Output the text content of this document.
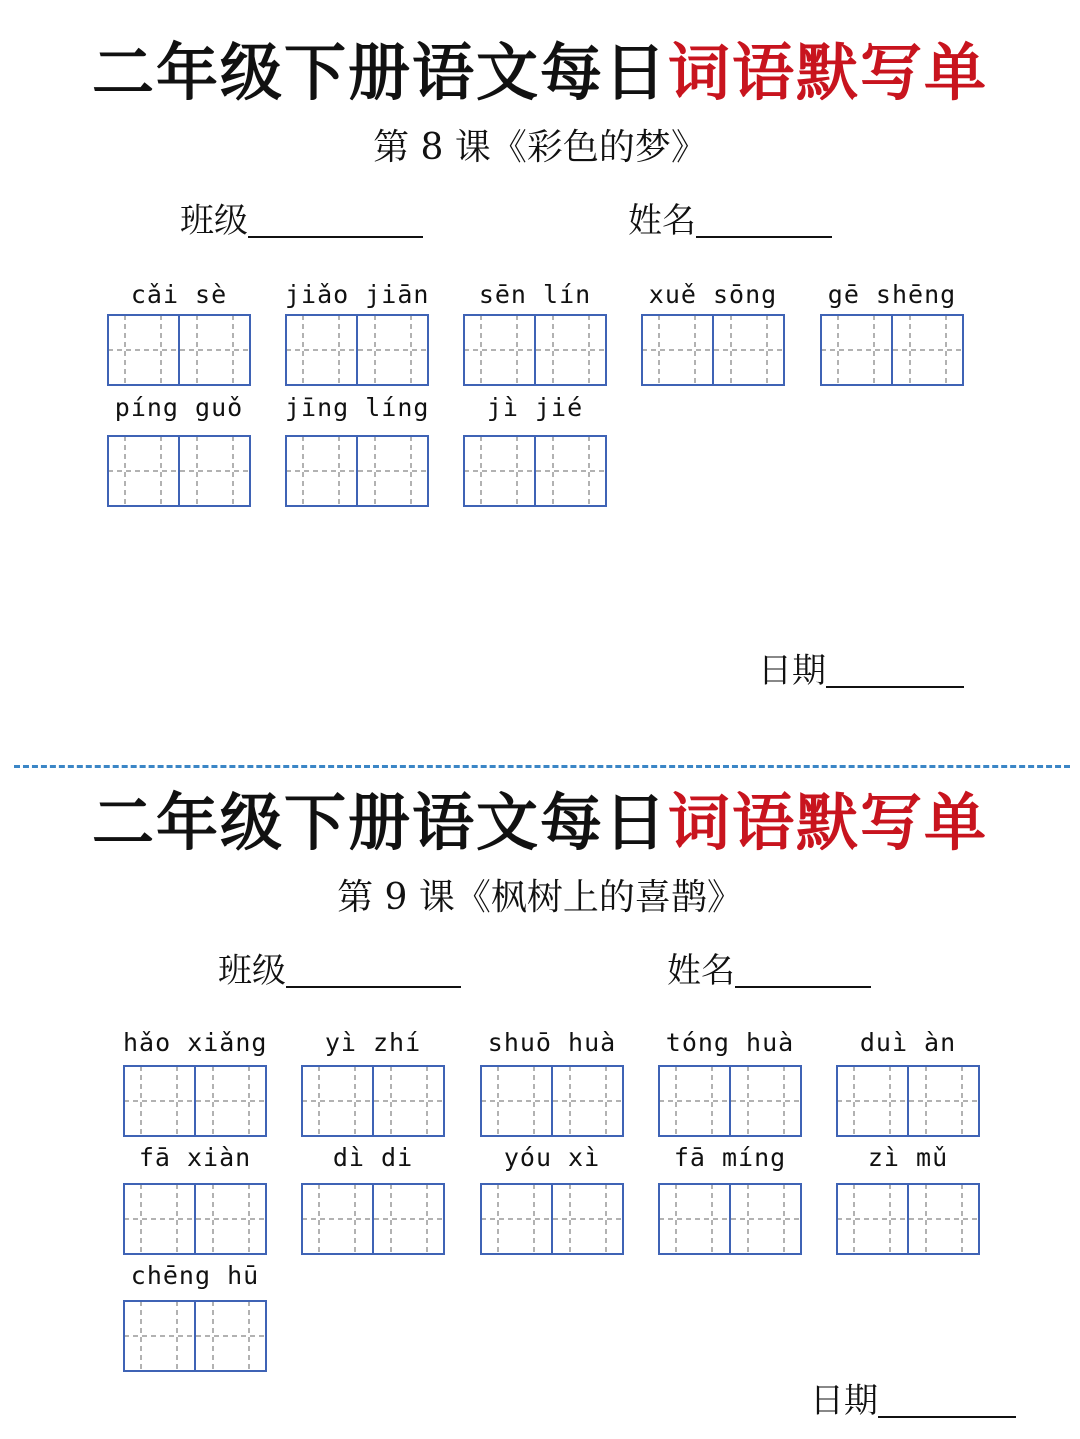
二年级下册语文每日词语默写单
第 8 课《彩色的梦》
班级	姓名
cǎi sè	jiǎo jiān	sēn lín	xuě sōng	gē shēng
píng guǒ	jīng líng	jì jié
日期
二年级下册语文每日词语默写单
第 9 课《枫树上的喜鹊》
班级	姓名
hǎo xiǎng	yì zhí	shuō huà	tóng huà	duì àn
fā xiàn	dì di	yóu xì	fā míng	zì mǔ
chēng hū
日期
